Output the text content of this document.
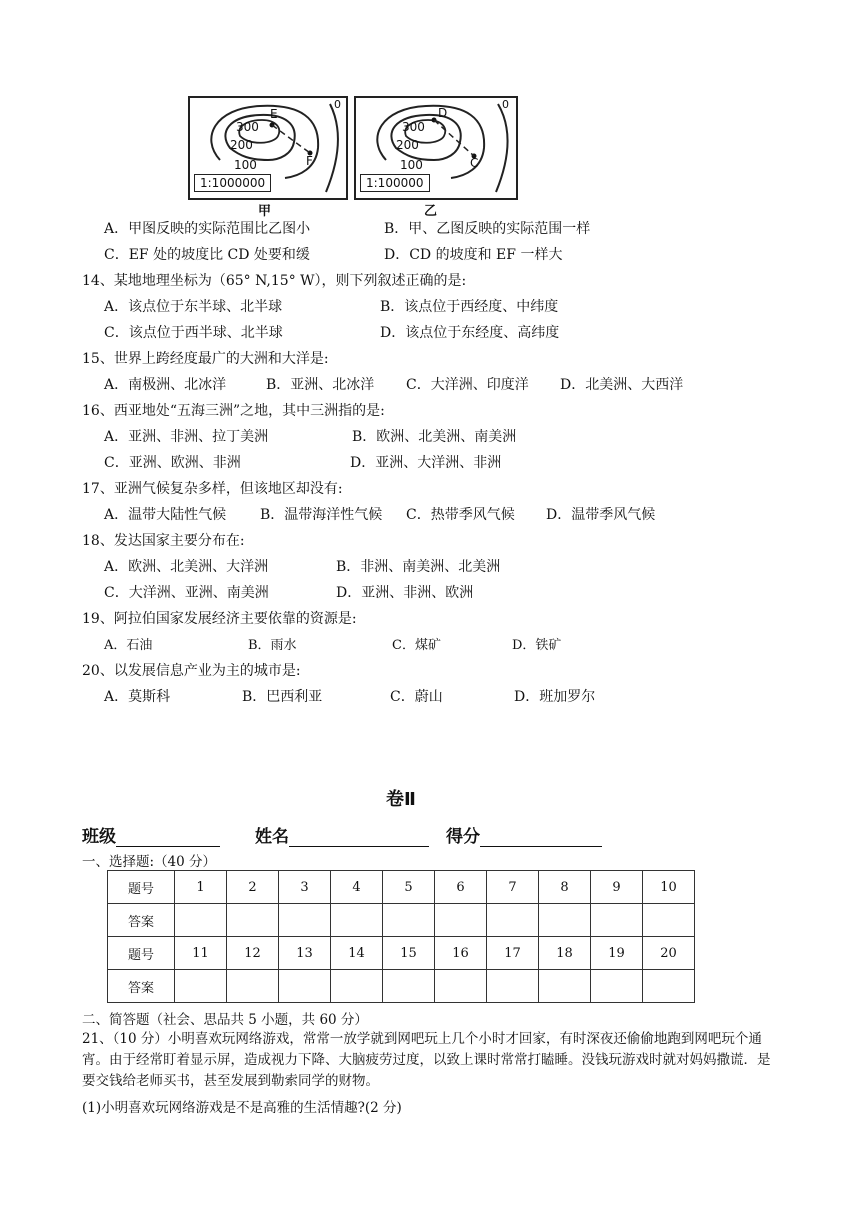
300
200
100
E
F
0
1:1000000
甲
300
200
100
D
C
0
1:100000
乙
A．甲图反映的实际范围比乙图小	B．甲、乙图反映的实际范围一样
C．EF 处的坡度比 CD 处要和缓	D．CD 的坡度和 EF 一样大
14、某地地理坐标为（65° N,15° W），则下列叙述正确的是:
A．该点位于东半球、北半球	B．该点位于西经度、中纬度
C．该点位于西半球、北半球	D．该点位于东经度、高纬度
15、世界上跨经度最广的大洲和大洋是:
A．南极洲、北冰洋	B．亚洲、北冰洋 C．大洋洲、印度洋 D．北美洲、大西洋
16、西亚地处“五海三洲”之地，其中三洲指的是:
A．亚洲、非洲、拉丁美洲	B．欧洲、北美洲、南美洲
C．亚洲、欧洲、非洲	D．亚洲、大洋洲、非洲
17、亚洲气候复杂多样，但该地区却没有:
A．温带大陆性气候 B．温带海洋性气候 C．热带季风气候 D．温带季风气候
18、发达国家主要分布在:
A．欧洲、北美洲、大洋洲	B．非洲、南美洲、北美洲
C．大洋洲、亚洲、南美洲	D．亚洲、非洲、欧洲
19、阿拉伯国家发展经济主要依靠的资源是:
A．石油	B．雨水	C．煤矿	D．铁矿
20、以发展信息产业为主的城市是:
A．莫斯科	B．巴西利亚	C．蔚山	D．班加罗尔
卷Ⅱ
班级	姓名	得分
一、选择题:（40 分）
题号	1	2	3	4	5	6	7	8	9	10
答案										
题号	11	12	13	14	15	16	17	18	19	20
答案										
二、简答题（社会、思品共 5 小题，共 60 分）
21、（10 分）小明喜欢玩网络游戏，常常一放学就到网吧玩上几个小时才回家，有时深夜还偷偷地跑到网吧玩个通宵。由于经常盯着显示屏，造成视力下降、大脑疲劳过度，以致上课时常常打瞌睡。没钱玩游戏时就对妈妈撒谎．是要交钱给老师买书，甚至发展到勒索同学的财物。
(1)小明喜欢玩网络游戏是不是高雅的生活情趣?(2 分)
